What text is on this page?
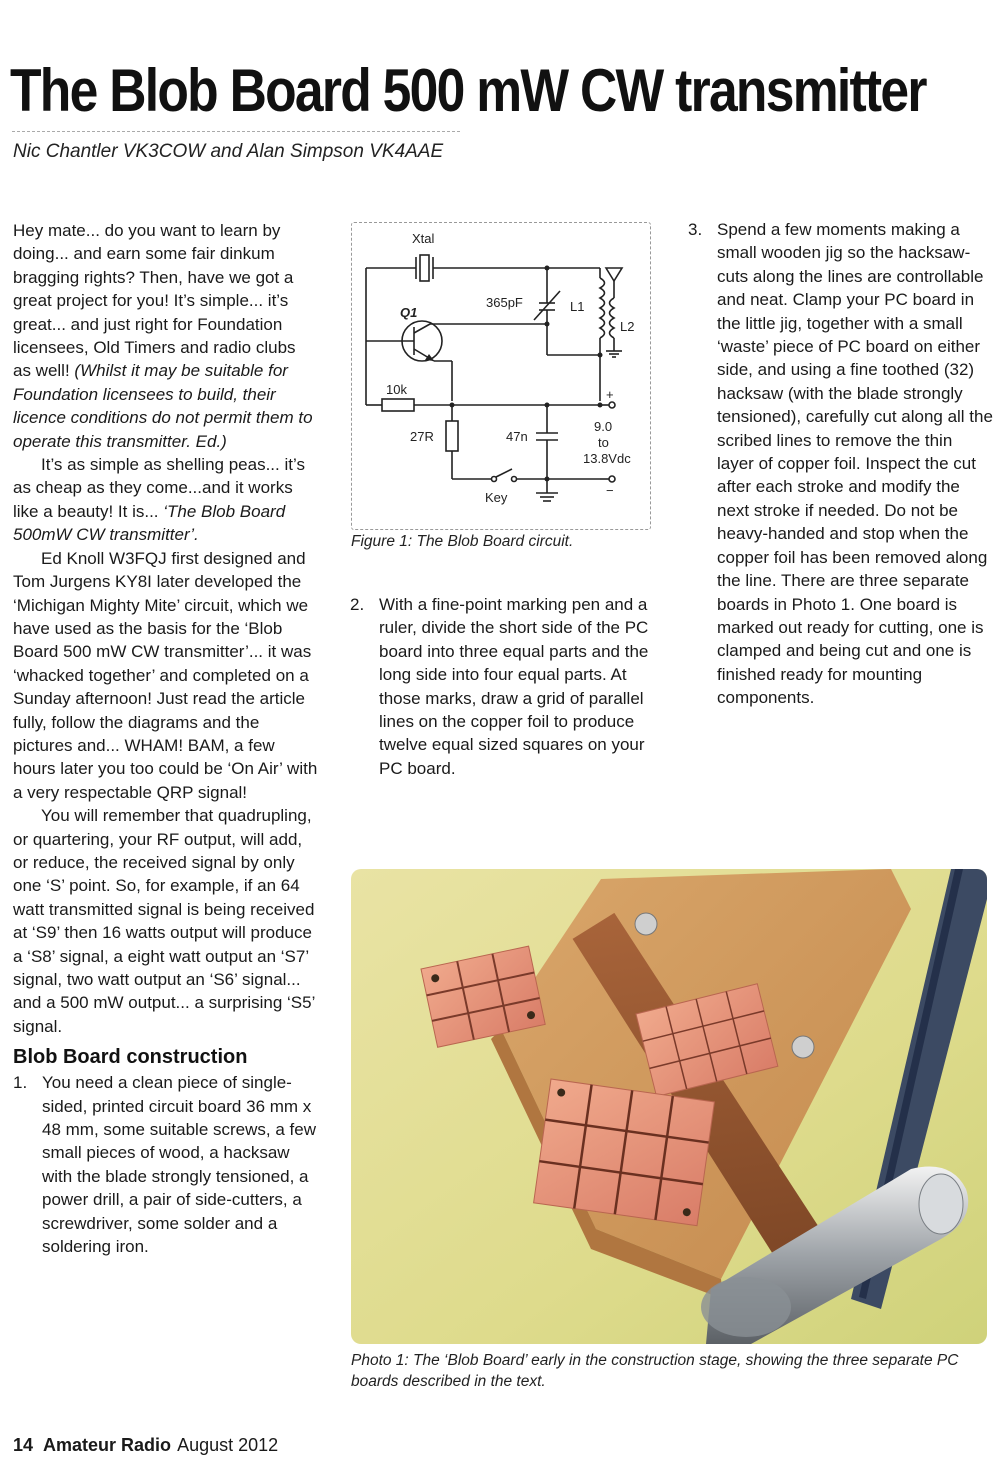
The Blob Board 500 mW CW transmitter
Nic Chantler VK3COW and Alan Simpson VK4AAE

Hey mate... do you want to learn by doing... and earn some fair dinkum bragging rights? Then, have we got a great project for you! It’s simple... it’s great... and just right for Foundation licensees, Old Timers and radio clubs as well! (Whilst it may be suitable for Foundation licensees to build, their licence conditions do not permit them to operate this transmitter. Ed.)

It’s as simple as shelling peas... it’s as cheap as they come...and it works like a beauty! It is... ‘The Blob Board 500mW CW transmitter’.

Ed Knoll W3FQJ first designed and Tom Jurgens KY8I later developed the ‘Michigan Mighty Mite’ circuit, which we have used as the basis for the ‘Blob Board 500 mW CW transmitter’... it was ‘whacked together’ and completed on a Sunday afternoon! Just read the article fully, follow the diagrams and the pictures and... WHAM! BAM, a few hours later you too could be ‘On Air’ with a very respectable QRP signal!

You will remember that quadrupling, or quartering, your RF output, will add, or reduce, the received signal by only one ‘S’ point. So, for example, if an 64 watt transmitted signal is being received at ‘S9’ then 16 watts output will produce a ‘S8’ signal, a eight watt output an ‘S7’ signal, two watt output an ‘S6’ signal... and a 500 mW output... a surprising ‘S5’ signal.

Blob Board construction
1. You need a clean piece of single-sided, printed circuit board 36 mm x 48 mm, some suitable screws, a few small pieces of wood, a hacksaw with the blade strongly tensioned, a power drill, a pair of side-cutters, a screwdriver, some solder and a soldering iron.
Xtal
Q1
365pF	L1
L2
10k
27R	47n
+
−
9.0
to
13.8Vdc
Key
Figure 1: The Blob Board circuit.
2. With a fine-point marking pen and a ruler, divide the short side of the PC board into three equal parts and the long side into four equal parts. At those marks, draw a grid of parallel lines on the copper foil to produce twelve equal sized squares on your PC board.
3. Spend a few moments making a small wooden jig so the hacksaw-cuts along the lines are controllable and neat. Clamp your PC board in the little jig, together with a small ‘waste’ piece of PC board on either side, and using a fine toothed (32) hacksaw (with the blade strongly tensioned), carefully cut along all the scribed lines to remove the thin layer of copper foil. Inspect the cut after each stroke and modify the next stroke if needed. Do not be heavy-handed and stop when the copper foil has been removed along the line. There are three separate boards in Photo 1. One board is marked out ready for cutting, one is clamped and being cut and one is finished ready for mounting components.
Photo 1: The ‘Blob Board’ early in the construction stage, showing the three separate PC boards described in the text.
14 Amateur Radio August 2012
